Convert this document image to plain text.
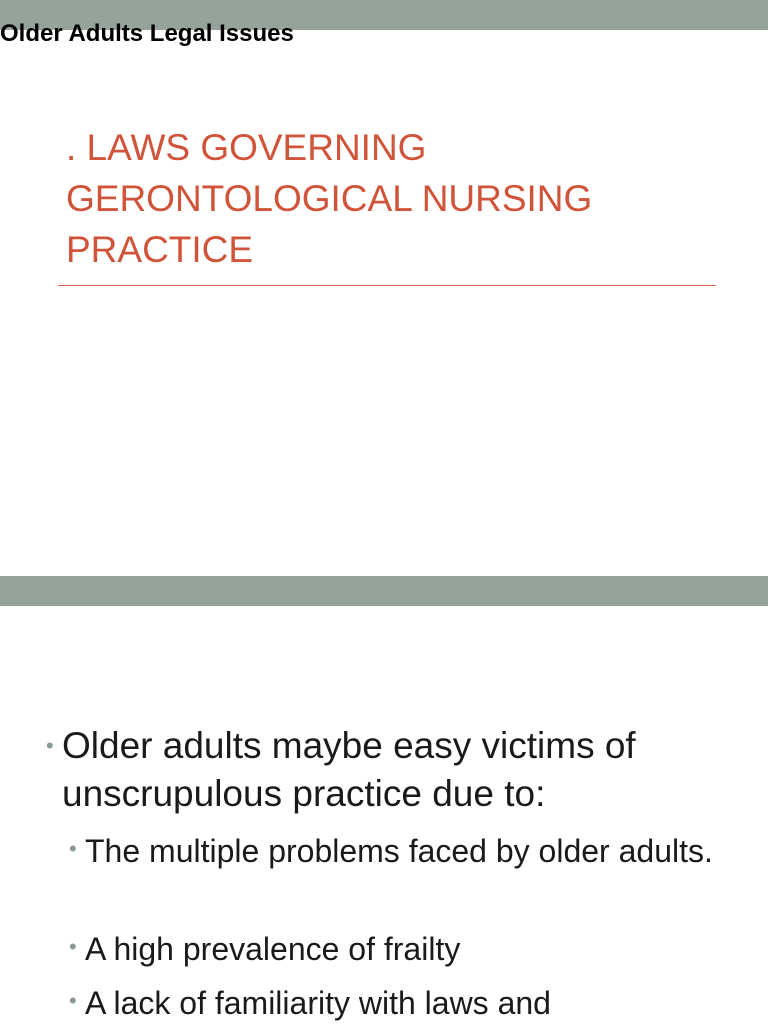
. LAWS GOVERNING
GERONTOLOGICAL NURSING
PRACTICE
Older Adults Legal Issues
• Older adults maybe easy victims of unscrupulous practice due to:
• The multiple problems faced by older adults.
• A high prevalence of frailty
• A lack of familiarity with laws and
